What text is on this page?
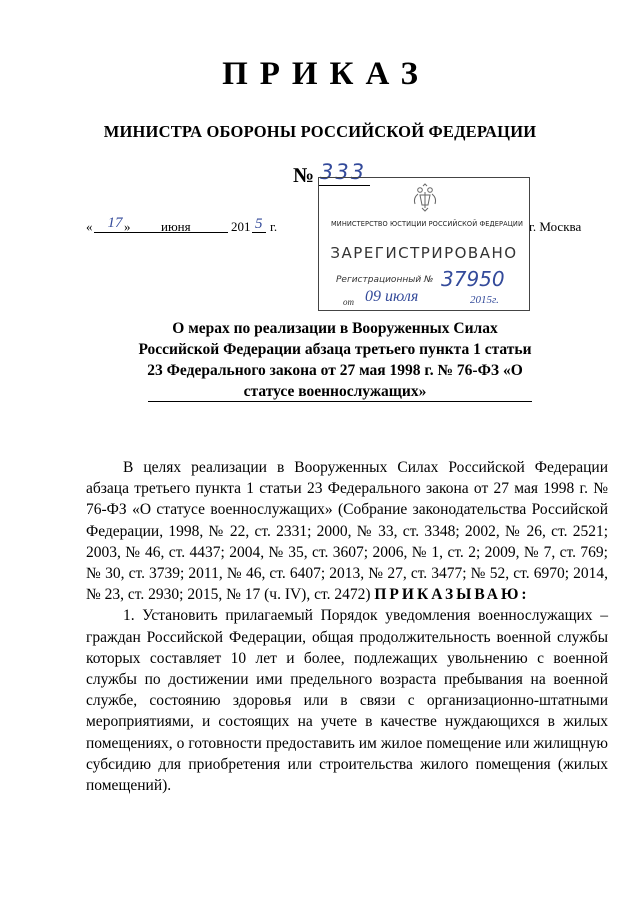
ПРИКАЗ
МИНИСТРА ОБОРОНЫ РОССИЙСКОЙ ФЕДЕРАЦИИ
№ 333
«	17 » июня	201 5 г.	г. Москва
МИНИСТЕРСТВО ЮСТИЦИИ РОССИЙСКОЙ ФЕДЕРАЦИИ
ЗАРЕГИСТРИРОВАНО
Регистрационный № 37950
от 09 июля	2015г.
О мерах по реализации в Вооруженных Силах Российской Федерации абзаца третьего пункта 1 статьи 23 Федерального закона от 27 мая 1998 г. № 76-ФЗ «О статусе военнослужащих»

В целях реализации в Вооруженных Силах Российской Федерации абзаца третьего пункта 1 статьи 23 Федерального закона от 27 мая 1998 г. № 76-ФЗ «О статусе военнослужащих» (Собрание законодательства Российской Федерации, 1998, № 22, ст. 2331; 2000, № 33, ст. 3348; 2002, № 26, ст. 2521; 2003, № 46, ст. 4437; 2004, № 35, ст. 3607; 2006, № 1, ст. 2; 2009, № 7, ст. 769; № 30, ст. 3739; 2011, № 46, ст. 6407; 2013, № 27, ст. 3477; № 52, ст. 6970; 2014, № 23, ст. 2930; 2015, № 17 (ч. IV), ст. 2472) ПРИКАЗЫВАЮ:

1. Установить прилагаемый Порядок уведомления военнослужащих – граждан Российской Федерации, общая продолжительность военной службы которых составляет 10 лет и более, подлежащих увольнению с военной службы по достижении ими предельного возраста пребывания на военной службе, состоянию здоровья или в связи с организационно-штатными мероприятиями, и состоящих на учете в качестве нуждающихся в жилых помещениях, о готовности предоставить им жилое помещение или жилищную субсидию для приобретения или строительства жилого помещения (жилых помещений).
